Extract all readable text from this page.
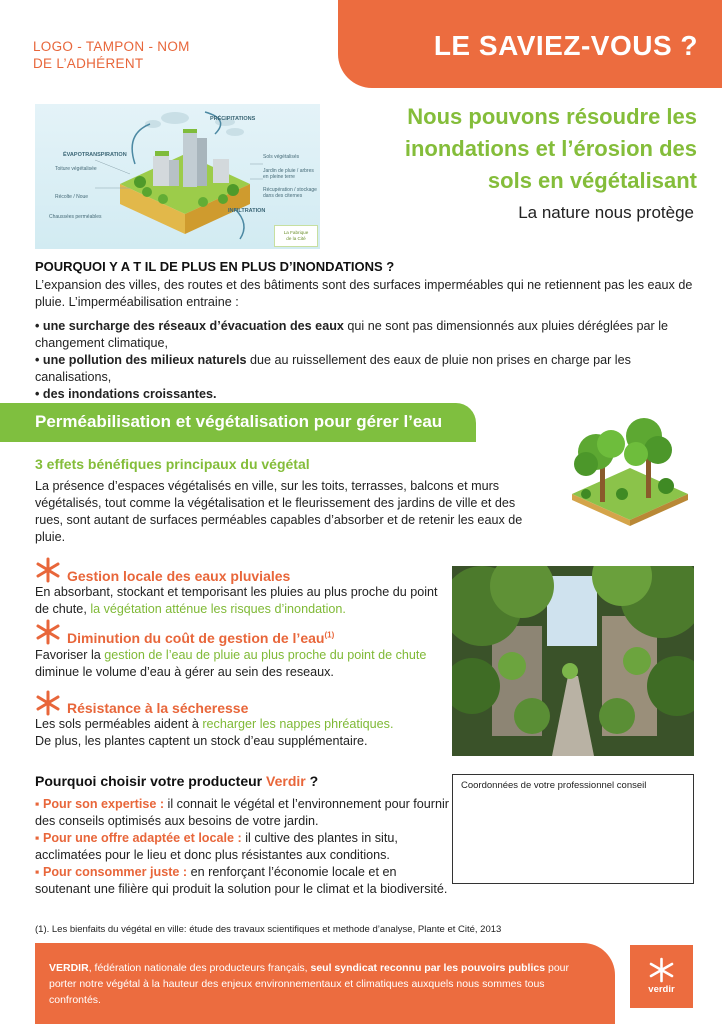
LOGO - TAMPON - NOM
DE L’ADHÉRENT
LE SAVIEZ-VOUS ?
PRÉCIPITATIONS
ÉVAPOTRANSPIRATION
Toiture végétalisée
Récolte / Noue
Chaussées perméables
Sols végétalisés
Jardin de pluie / arbres en pleine terre
Récupération / stockage dans des citernes
INFILTRATION
La Fabrique
de la Cité
Nous pouvons résoudre les
inondations et l’érosion des
sols en végétalisant
La nature nous protège
POURQUOI Y A T IL DE PLUS EN PLUS D’INONDATIONS ?
L’expansion des villes, des routes et des bâtiments sont des surfaces imperméables qui ne retiennent pas les eaux de pluie. L’imperméabilisation entraine :
• une surcharge des réseaux d’évacuation des eaux qui ne sont pas dimensionnés aux pluies déréglées par le changement climatique,
• une pollution des milieux naturels due au ruissellement des eaux de pluie non prises en charge par les canalisations,
• des inondations croissantes.
Perméabilisation et végétalisation pour gérer l’eau
3 effets bénéfiques principaux du végétal
La présence d’espaces végétalisés en ville, sur les toits, terrasses, balcons et murs végétalisés, tout comme la végétalisation et le fleurissement des jardins de ville et des rues, sont autant de surfaces perméables capables d’absorber et de retenir les eaux de pluie.
Gestion locale des eaux pluviales
En absorbant, stockant et temporisant les pluies au plus proche du point de chute, la végétation atténue les risques d’inondation.
Diminution du coût de gestion de l’eau$^{(1)}$
Favoriser la gestion de l’eau de pluie au plus proche du point de chute diminue le volume d’eau à gérer au sein des reseaux.
Résistance à la sécheresse
Les sols perméables aident à recharger les nappes phréatiques.
De plus, les plantes captent un stock d’eau supplémentaire.
Pourquoi choisir votre producteur Verdir ?
▪ Pour son expertise : il connait le végétal et l’environnement pour fournir des conseils optimisés aux besoins de votre jardin.
▪ Pour une offre adaptée et locale : il cultive des plantes in situ, acclimatées pour le lieu et donc plus résistantes aux conditions.
▪ Pour consommer juste : en renforçant l’économie locale et en soutenant une filière qui produit la solution pour le climat et la biodiversité.
Coordonnées de votre professionnel conseil
(1). Les bienfaits du végétal en ville: étude des travaux scientifiques et methode d’analyse, Plante et Cité, 2013
VERDIR, fédération nationale des producteurs français, seul syndicat reconnu par les pouvoirs publics pour porter notre végétal à la hauteur des enjeux environnementaux et climatiques auxquels nous sommes tous confrontés.
verdir
